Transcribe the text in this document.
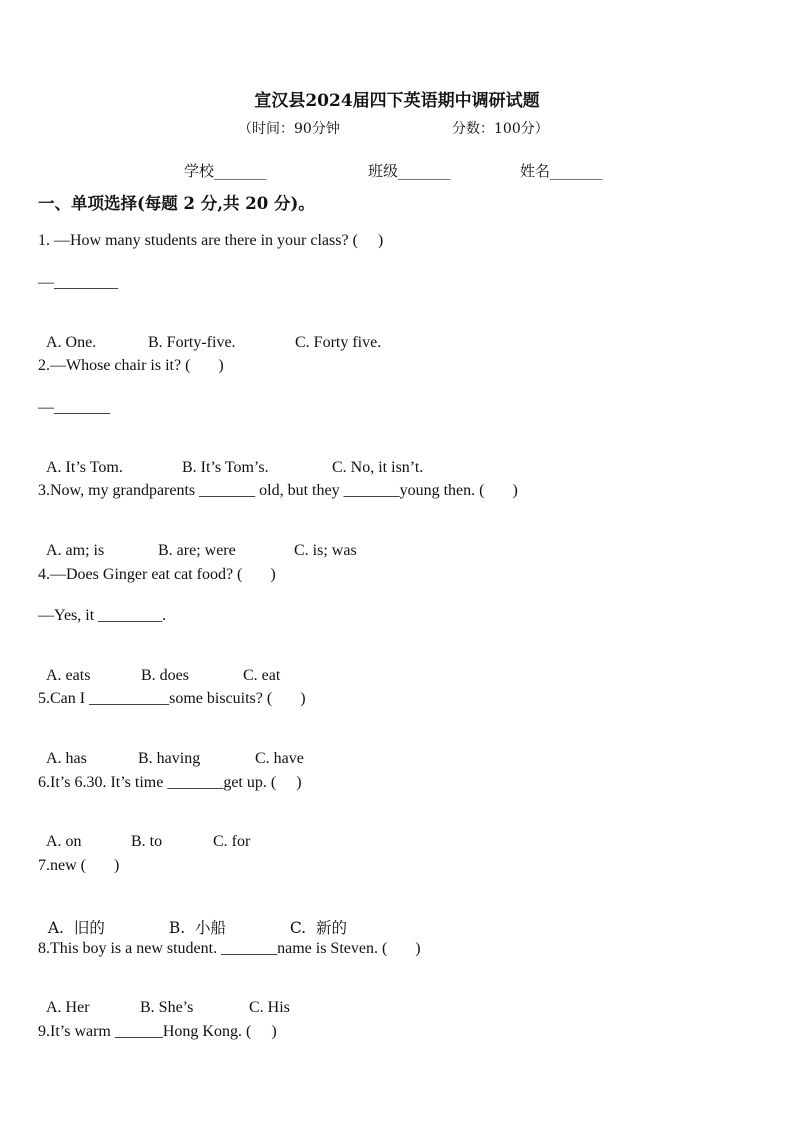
宣汉县2024届四下英语期中调研试题
（时间：90分钟	分数：100分）
学校_______	班级_______	姓名_______
一、单项选择(每题 2 分,共 20 分)。
1. —How many students are there in your class? (     )
—________

A. One.	B. Forty-five.	C. Forty five.

2.—Whose chair is it? (       )
—_______

A. It’s Tom.	B. It’s Tom’s.	C. No, it isn’t.

3.Now, my grandparents _______ old, but they _______young then. (       )

A. am; is	B. are; were	C. is; was

4.—Does Ginger eat cat food? (       )
—Yes, it ________.

A. eats	B. does	C. eat

5.Can I __________some biscuits? (       )

A. has	B. having	C. have

6.It’s 6.30. It’s time _______get up. (     )

A. on	B. to	C. for

7.new (       )

A.  旧的	B.  小船	C.  新的

8.This boy is a new student. _______name is Steven. (       )

A. Her	B. She’s	C. His

9.It’s warm ______Hong Kong. (     )
